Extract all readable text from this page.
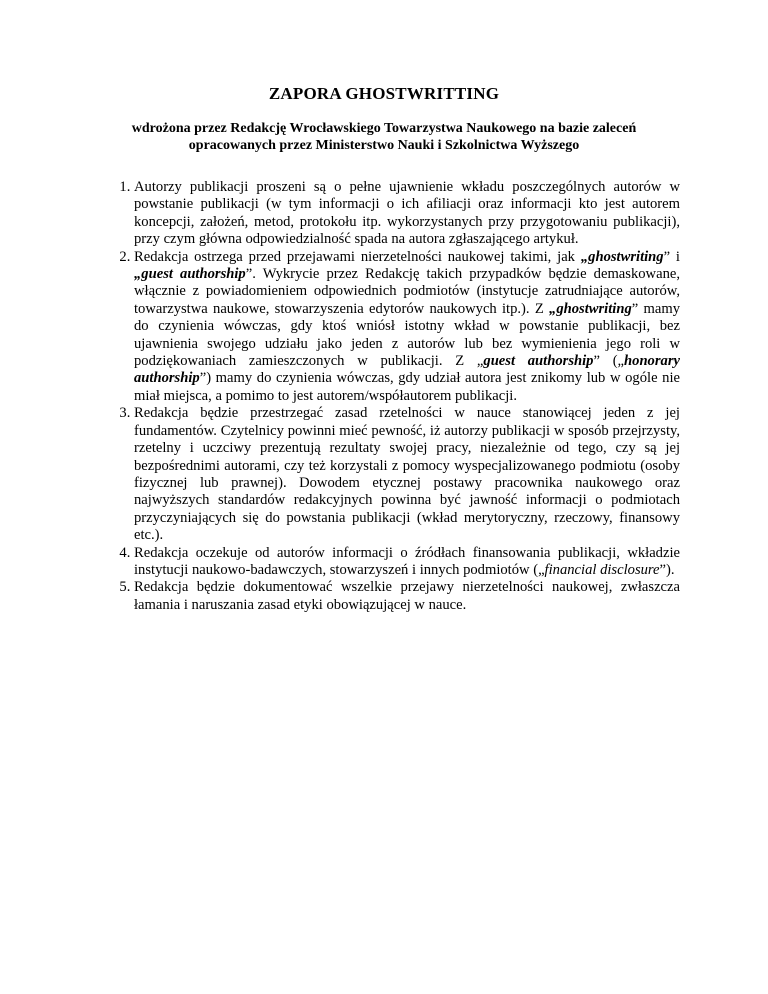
ZAPORA GHOSTWRITTING
wdrożona przez Redakcję Wrocławskiego Towarzystwa Naukowego na bazie zaleceń opracowanych przez Ministerstwo Nauki i Szkolnictwa Wyższego
1. Autorzy publikacji proszeni są o pełne ujawnienie wkładu poszczególnych autorów w powstanie publikacji (w tym informacji o ich afiliacji oraz informacji kto jest autorem koncepcji, założeń, metod, protokołu itp. wykorzystanych przy przygotowaniu publikacji), przy czym główna odpowiedzialność spada na autora zgłaszającego artykuł.
2. Redakcja ostrzega przed przejawami nierzetelności naukowej takimi, jak „ghostwriting” i „guest authorship”. Wykrycie przez Redakcję takich przypadków będzie demaskowane, włącznie z powiadomieniem odpowiednich podmiotów (instytucje zatrudniające autorów, towarzystwa naukowe, stowarzyszenia edytorów naukowych itp.). Z „ghostwriting” mamy do czynienia wówczas, gdy ktoś wniósł istotny wkład w powstanie publikacji, bez ujawnienia swojego udziału jako jeden z autorów lub bez wymienienia jego roli w podziękowaniach zamieszczonych w publikacji. Z „guest authorship” („honorary authorship”) mamy do czynienia wówczas, gdy udział autora jest znikomy lub w ogóle nie miał miejsca, a pomimo to jest autorem/współautorem publikacji.
3. Redakcja będzie przestrzegać zasad rzetelności w nauce stanowiącej jeden z jej fundamentów. Czytelnicy powinni mieć pewność, iż autorzy publikacji w sposób przejrzysty, rzetelny i uczciwy prezentują rezultaty swojej pracy, niezależnie od tego, czy są jej bezpośrednimi autorami, czy też korzystali z pomocy wyspecjalizowanego podmiotu (osoby fizycznej lub prawnej). Dowodem etycznej postawy pracownika naukowego oraz najwyższych standardów redakcyjnych powinna być jawność informacji o podmiotach przyczyniających się do powstania publikacji (wkład merytoryczny, rzeczowy, finansowy etc.).
4. Redakcja oczekuje od autorów informacji o źródłach finansowania publikacji, wkładzie instytucji naukowo-badawczych, stowarzyszeń i innych podmiotów („financial disclosure”).
5. Redakcja będzie dokumentować wszelkie przejawy nierzetelności naukowej, zwłaszcza łamania i naruszania zasad etyki obowiązującej w nauce.
